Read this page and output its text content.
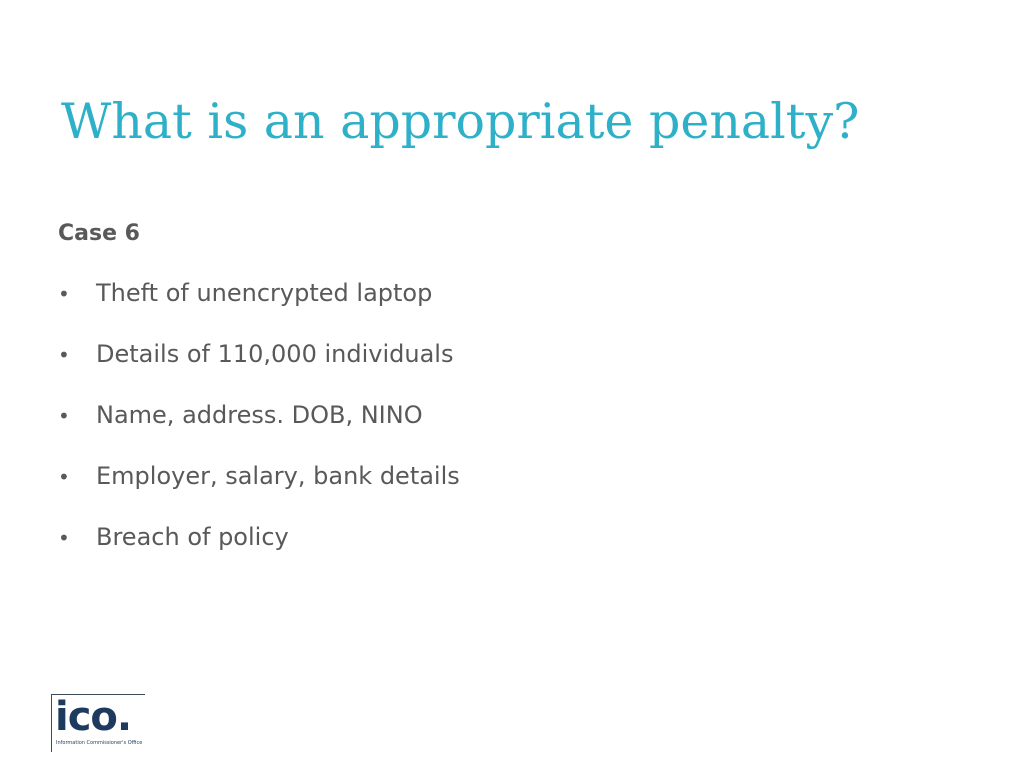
What is an appropriate penalty?
Case 6
•	Theft of unencrypted laptop
•	Details of 110,000 individuals
•	Name, address. DOB, NINO
•	Employer, salary, bank details
•	Breach of policy
ico.
Information Commissioner's Office
